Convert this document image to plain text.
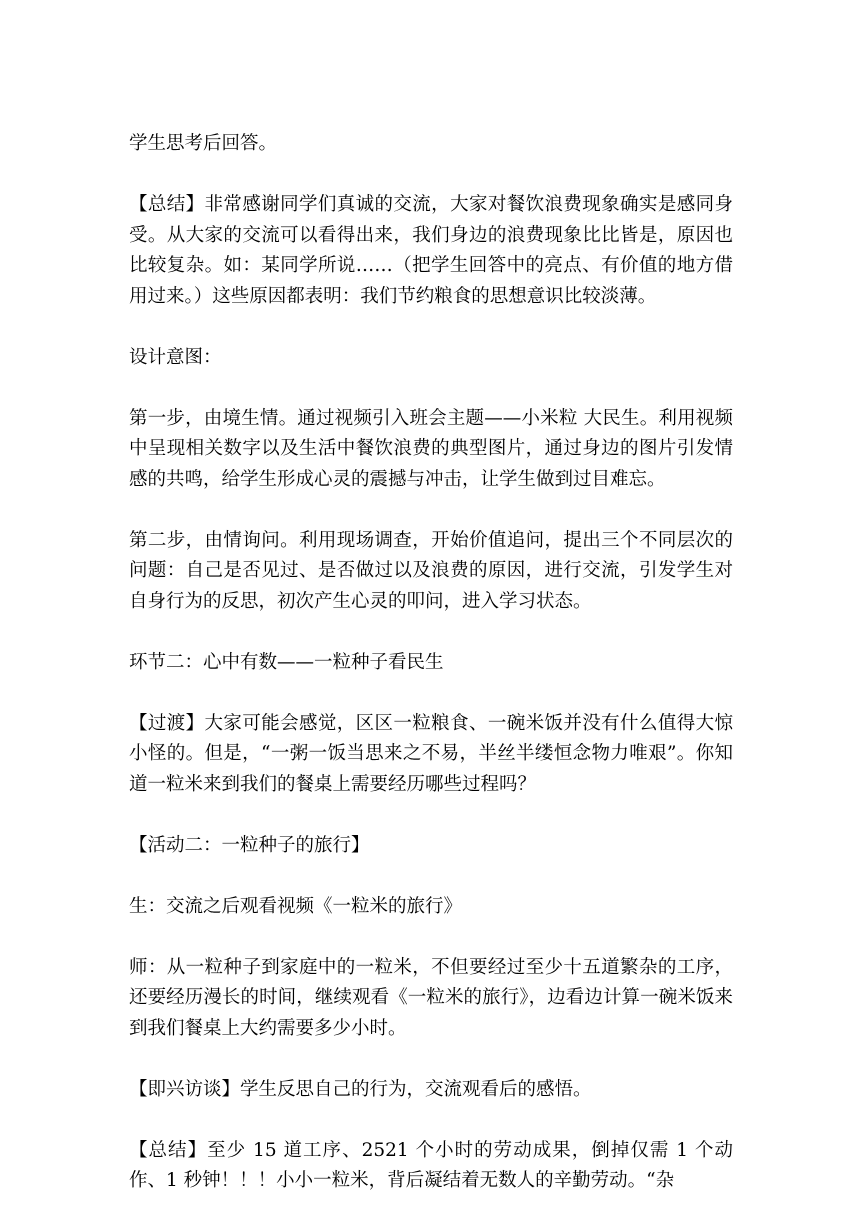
学生思考后回答。

【总结】非常感谢同学们真诚的交流，大家对餐饮浪费现象确实是感同身受。从大家的交流可以看得出来，我们身边的浪费现象比比皆是，原因也比较复杂。如：某同学所说……（把学生回答中的亮点、有价值的地方借用过来。）这些原因都表明：我们节约粮食的思想意识比较淡薄。

设计意图：

第一步，由境生情。通过视频引入班会主题——小米粒 大民生。利用视频中呈现相关数字以及生活中餐饮浪费的典型图片，通过身边的图片引发情感的共鸣，给学生形成心灵的震撼与冲击，让学生做到过目难忘。

第二步，由情询问。利用现场调查，开始价值追问，提出三个不同层次的问题：自己是否见过、是否做过以及浪费的原因，进行交流，引发学生对自身行为的反思，初次产生心灵的叩问，进入学习状态。

环节二：心中有数——一粒种子看民生

【过渡】大家可能会感觉，区区一粒粮食、一碗米饭并没有什么值得大惊小怪的。但是，“一粥一饭当思来之不易，半丝半缕恒念物力唯艰”。你知道一粒米来到我们的餐桌上需要经历哪些过程吗？

【活动二：一粒种子的旅行】

生：交流之后观看视频《一粒米的旅行》

师：从一粒种子到家庭中的一粒米，不但要经过至少十五道繁杂的工序，还要经历漫长的时间，继续观看《一粒米的旅行》，边看边计算一碗米饭来到我们餐桌上大约需要多少小时。

【即兴访谈】学生反思自己的行为，交流观看后的感悟。

【总结】至少 15 道工序、2521 个小时的劳动成果，倒掉仅需 1 个动作、1 秒钟！！！小小一粒米，背后凝结着无数人的辛勤劳动。“杂
